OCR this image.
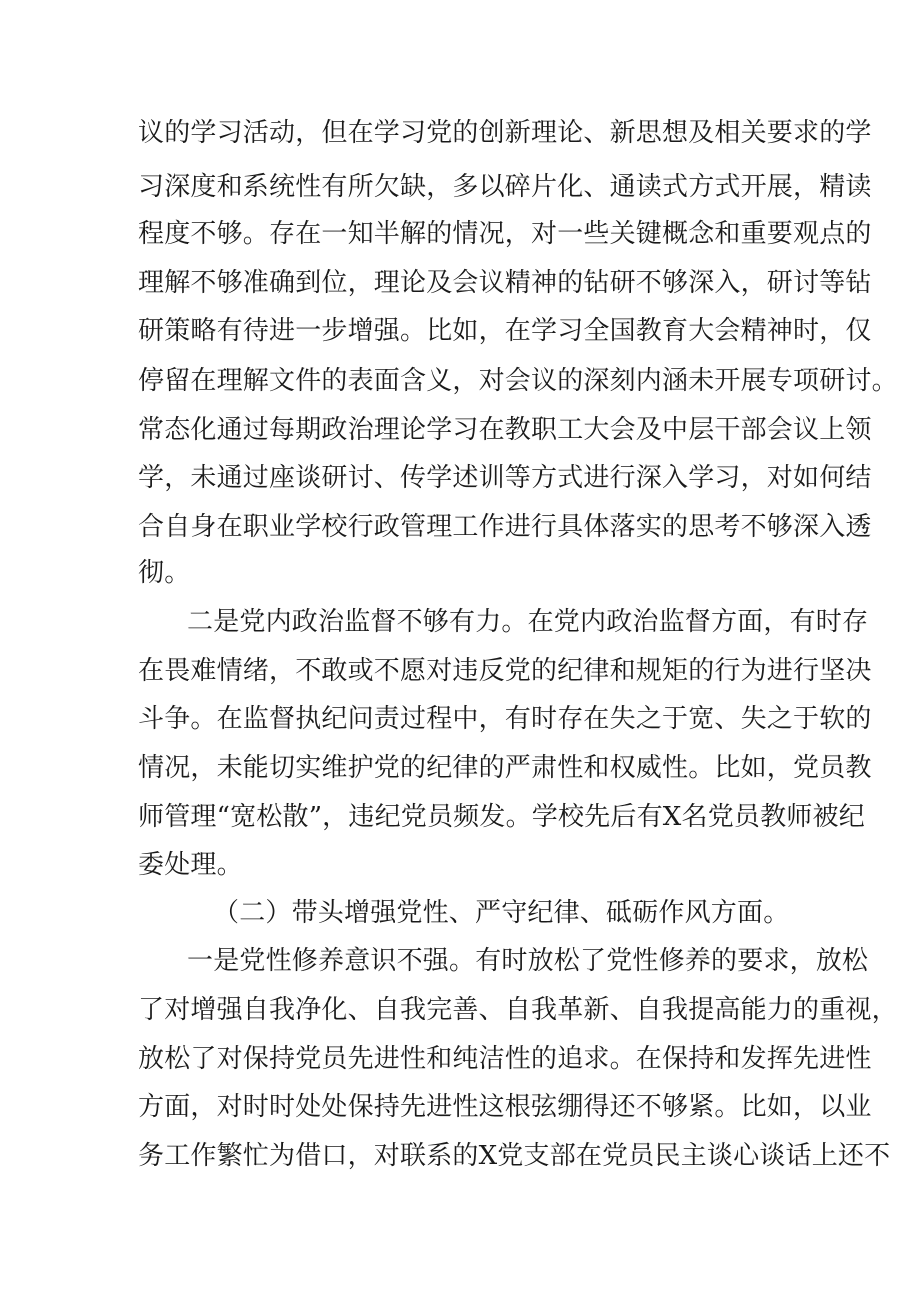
议的学习活动，但在学习党的创新理论、新思想及相关要求的学
习深度和系统性有所欠缺，多以碎片化、通读式方式开展，精读
程度不够。存在一知半解的情况，对一些关键概念和重要观点的
理解不够准确到位，理论及会议精神的钻研不够深入，研讨等钻
研策略有待进一步增强。比如，在学习全国教育大会精神时，仅
停留在理解文件的表面含义，对会议的深刻内涵未开展专项研讨。
常态化通过每期政治理论学习在教职工大会及中层干部会议上领
学，未通过座谈研讨、传学述训等方式进行深入学习，对如何结
合自身在职业学校行政管理工作进行具体落实的思考不够深入透
彻。
二是党内政治监督不够有力。在党内政治监督方面，有时存
在畏难情绪，不敢或不愿对违反党的纪律和规矩的行为进行坚决
斗争。在监督执纪问责过程中，有时存在失之于宽、失之于软的
情况，未能切实维护党的纪律的严肃性和权威性。比如，党员教
师管理“宽松散”，违纪党员频发。学校先后有X名党员教师被纪
委处理。
（二）带头增强党性、严守纪律、砥砺作风方面。
一是党性修养意识不强。有时放松了党性修养的要求，放松
了对增强自我净化、自我完善、自我革新、自我提高能力的重视，
放松了对保持党员先进性和纯洁性的追求。在保持和发挥先进性
方面，对时时处处保持先进性这根弦绷得还不够紧。比如，以业
务工作繁忙为借口，对联系的X党支部在党员民主谈心谈话上还不
